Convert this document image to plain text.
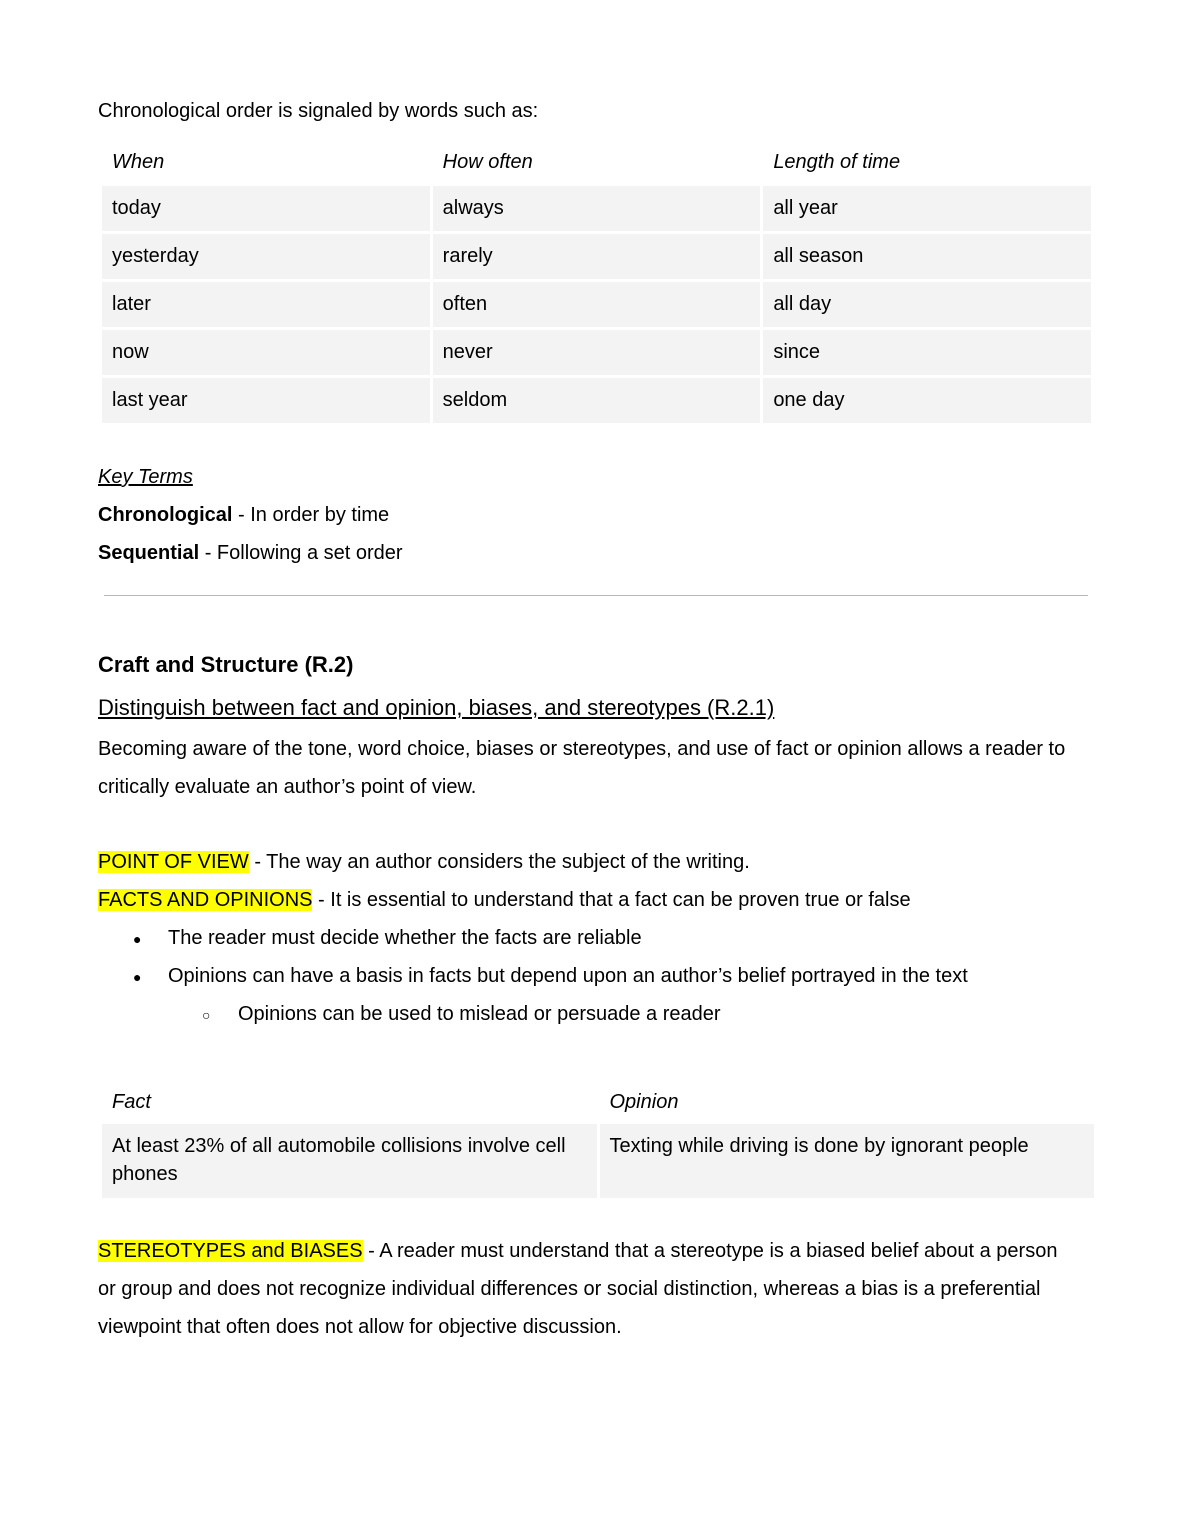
Chronological order is signaled by words such as:

When	How often	Length of time
today	always	all year
yesterday	rarely	all season
later	often	all day
now	never	since
last year	seldom	one day

Key Terms

Chronological - In order by time

Sequential - Following a set order

Craft and Structure (R.2)
Distinguish between fact and opinion, biases, and stereotypes (R.2.1)

Becoming aware of the tone, word choice, biases or stereotypes, and use of fact or opinion allows a reader to critically evaluate an author’s point of view.

POINT OF VIEW - The way an author considers the subject of the writing.

FACTS AND OPINIONS - It is essential to understand that a fact can be proven true or false

● The reader must decide whether the facts are reliable

● Opinions can have a basis in facts but depend upon an author’s belief portrayed in the text

○ Opinions can be used to mislead or persuade a reader

Fact	Opinion
At least 23% of all automobile collisions involve cell phones	Texting while driving is done by ignorant people

STEREOTYPES and BIASES - A reader must understand that a stereotype is a biased belief about a person or group and does not recognize individual differences or social distinction, whereas a bias is a preferential viewpoint that often does not allow for objective discussion.
